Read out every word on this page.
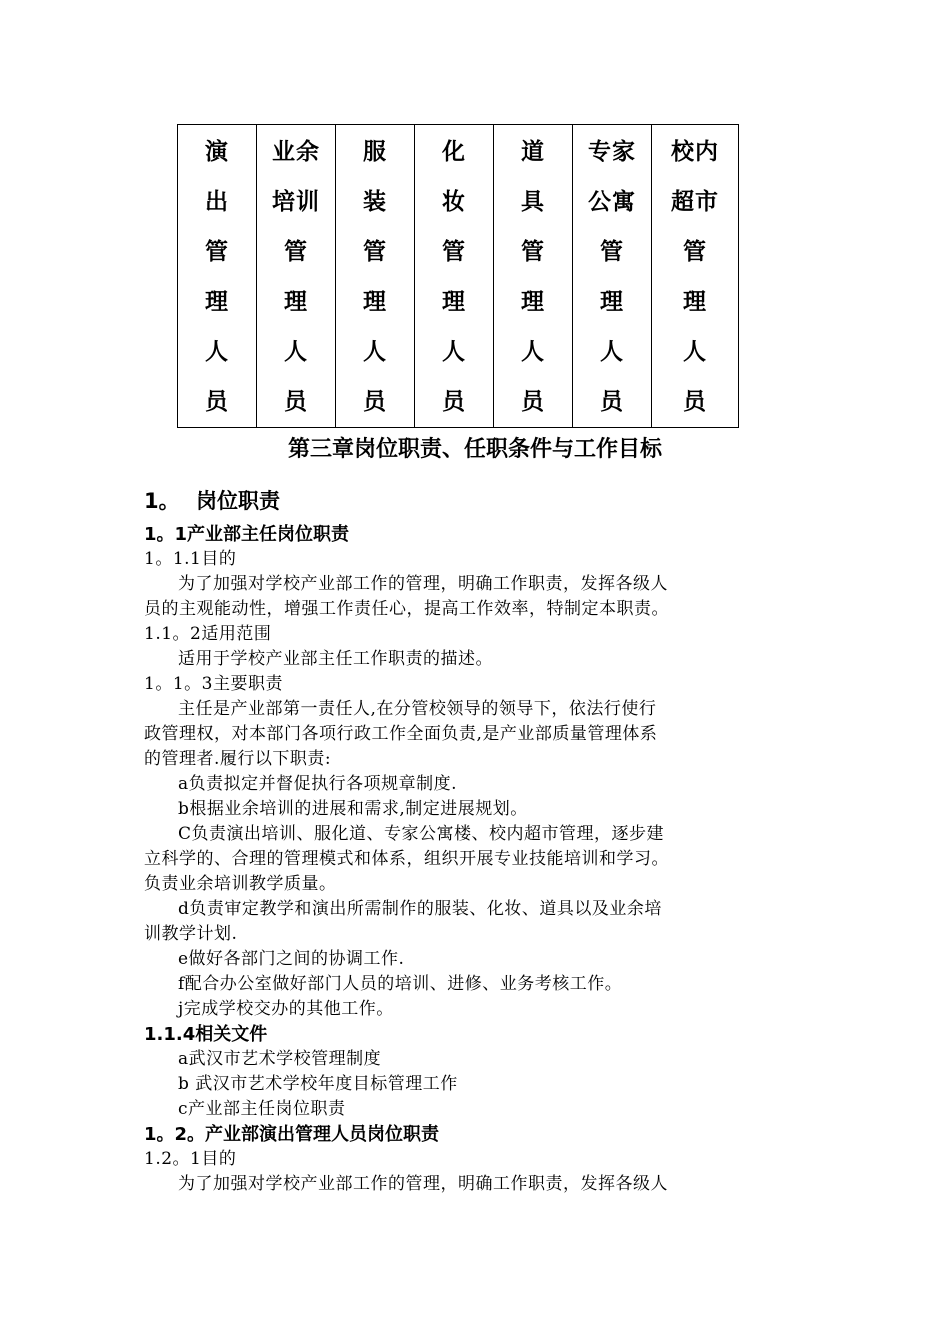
演
出
管
理
人
员

业余
培训
管
理
人
员

服
装
管
理
人
员

化
妆
管
理
人
员

道
具
管
理
人
员

专家
公寓
管
理
人
员

校内
超市
管
理
人
员
第三章岗位职责、任职条件与工作目标
1。 岗位职责
1。1产业部主任岗位职责
1。1.1目的
为了加强对学校产业部工作的管理，明确工作职责，发挥各级人
员的主观能动性，增强工作责任心，提高工作效率，特制定本职责。
1.1。2适用范围
适用于学校产业部主任工作职责的描述。
1。1。3主要职责
主任是产业部第一责任人,在分管校领导的领导下，依法行使行
政管理权，对本部门各项行政工作全面负责,是产业部质量管理体系
的管理者.履行以下职责:
a负责拟定并督促执行各项规章制度.
b根据业余培训的进展和需求,制定进展规划。
C负责演出培训、服化道、专家公寓楼、校内超市管理，逐步建
立科学的、合理的管理模式和体系，组织开展专业技能培训和学习。
负责业余培训教学质量。
d负责审定教学和演出所需制作的服装、化妆、道具以及业余培
训教学计划.
e做好各部门之间的协调工作.
f配合办公室做好部门人员的培训、进修、业务考核工作。
j完成学校交办的其他工作。
1.1.4相关文件
a武汉市艺术学校管理制度
b 武汉市艺术学校年度目标管理工作
c产业部主任岗位职责
1。2。产业部演出管理人员岗位职责
1.2。1目的
为了加强对学校产业部工作的管理，明确工作职责，发挥各级人
